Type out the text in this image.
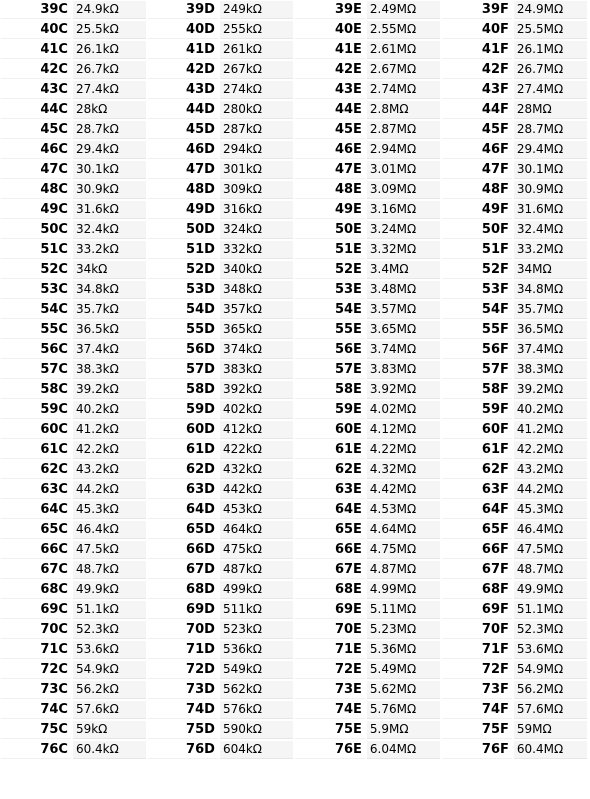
39C	24.9kΩ	39D	249kΩ	39E	2.49MΩ	39F	24.9MΩ
40C	25.5kΩ	40D	255kΩ	40E	2.55MΩ	40F	25.5MΩ
41C	26.1kΩ	41D	261kΩ	41E	2.61MΩ	41F	26.1MΩ
42C	26.7kΩ	42D	267kΩ	42E	2.67MΩ	42F	26.7MΩ
43C	27.4kΩ	43D	274kΩ	43E	2.74MΩ	43F	27.4MΩ
44C	28kΩ	44D	280kΩ	44E	2.8MΩ	44F	28MΩ
45C	28.7kΩ	45D	287kΩ	45E	2.87MΩ	45F	28.7MΩ
46C	29.4kΩ	46D	294kΩ	46E	2.94MΩ	46F	29.4MΩ
47C	30.1kΩ	47D	301kΩ	47E	3.01MΩ	47F	30.1MΩ
48C	30.9kΩ	48D	309kΩ	48E	3.09MΩ	48F	30.9MΩ
49C	31.6kΩ	49D	316kΩ	49E	3.16MΩ	49F	31.6MΩ
50C	32.4kΩ	50D	324kΩ	50E	3.24MΩ	50F	32.4MΩ
51C	33.2kΩ	51D	332kΩ	51E	3.32MΩ	51F	33.2MΩ
52C	34kΩ	52D	340kΩ	52E	3.4MΩ	52F	34MΩ
53C	34.8kΩ	53D	348kΩ	53E	3.48MΩ	53F	34.8MΩ
54C	35.7kΩ	54D	357kΩ	54E	3.57MΩ	54F	35.7MΩ
55C	36.5kΩ	55D	365kΩ	55E	3.65MΩ	55F	36.5MΩ
56C	37.4kΩ	56D	374kΩ	56E	3.74MΩ	56F	37.4MΩ
57C	38.3kΩ	57D	383kΩ	57E	3.83MΩ	57F	38.3MΩ
58C	39.2kΩ	58D	392kΩ	58E	3.92MΩ	58F	39.2MΩ
59C	40.2kΩ	59D	402kΩ	59E	4.02MΩ	59F	40.2MΩ
60C	41.2kΩ	60D	412kΩ	60E	4.12MΩ	60F	41.2MΩ
61C	42.2kΩ	61D	422kΩ	61E	4.22MΩ	61F	42.2MΩ
62C	43.2kΩ	62D	432kΩ	62E	4.32MΩ	62F	43.2MΩ
63C	44.2kΩ	63D	442kΩ	63E	4.42MΩ	63F	44.2MΩ
64C	45.3kΩ	64D	453kΩ	64E	4.53MΩ	64F	45.3MΩ
65C	46.4kΩ	65D	464kΩ	65E	4.64MΩ	65F	46.4MΩ
66C	47.5kΩ	66D	475kΩ	66E	4.75MΩ	66F	47.5MΩ
67C	48.7kΩ	67D	487kΩ	67E	4.87MΩ	67F	48.7MΩ
68C	49.9kΩ	68D	499kΩ	68E	4.99MΩ	68F	49.9MΩ
69C	51.1kΩ	69D	511kΩ	69E	5.11MΩ	69F	51.1MΩ
70C	52.3kΩ	70D	523kΩ	70E	5.23MΩ	70F	52.3MΩ
71C	53.6kΩ	71D	536kΩ	71E	5.36MΩ	71F	53.6MΩ
72C	54.9kΩ	72D	549kΩ	72E	5.49MΩ	72F	54.9MΩ
73C	56.2kΩ	73D	562kΩ	73E	5.62MΩ	73F	56.2MΩ
74C	57.6kΩ	74D	576kΩ	74E	5.76MΩ	74F	57.6MΩ
75C	59kΩ	75D	590kΩ	75E	5.9MΩ	75F	59MΩ
76C	60.4kΩ	76D	604kΩ	76E	6.04MΩ	76F	60.4MΩ
